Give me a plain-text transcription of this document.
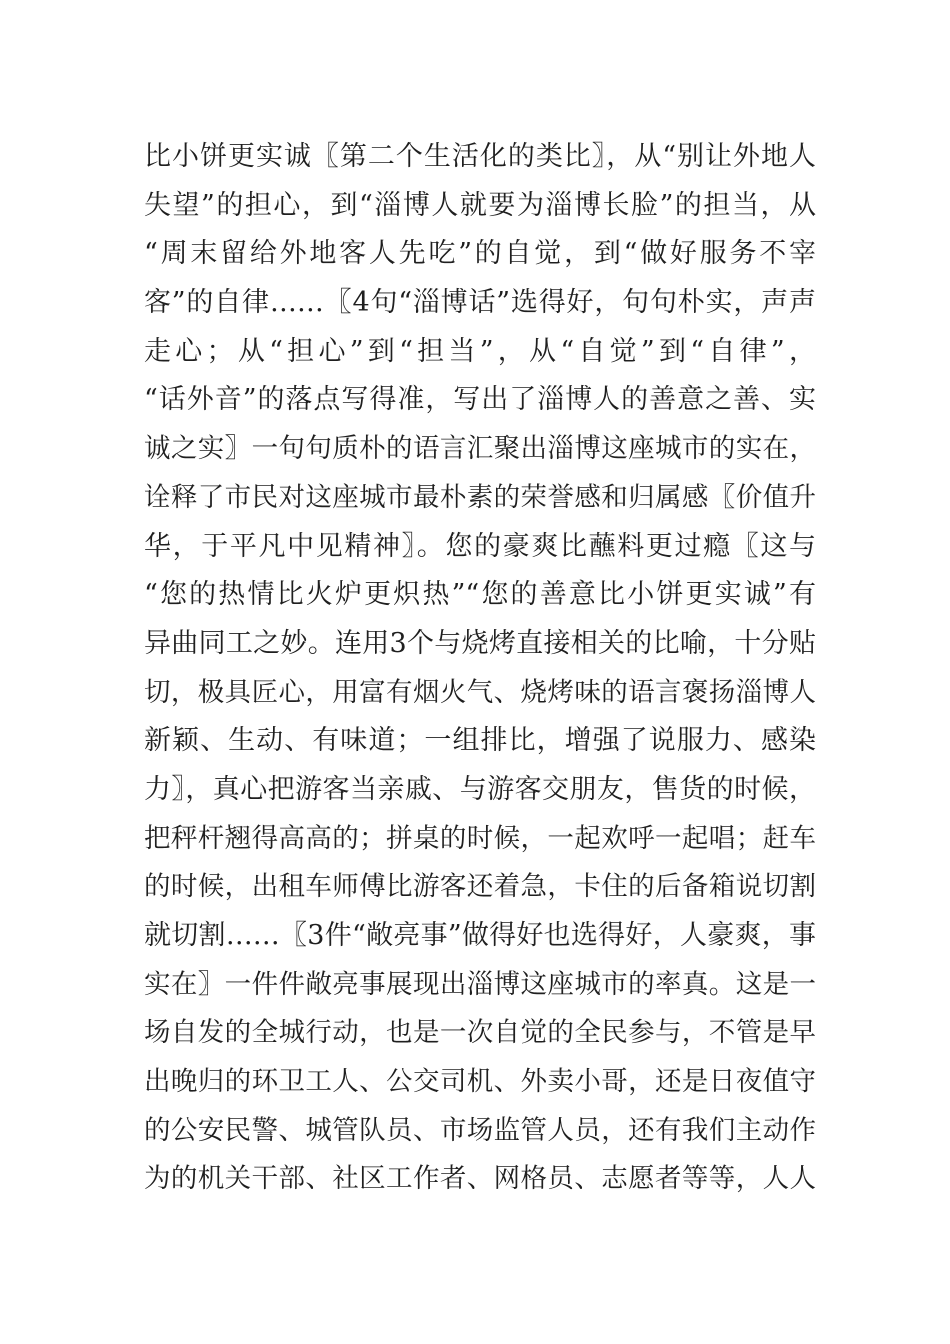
比小饼更实诚〖第二个生活化的类比〗，从“别让外地人
失望”的担心，到“淄博人就要为淄博长脸”的担当，从
“周末留给外地客人先吃”的自觉，到“做好服务不宰
客”的自律……〖4句“淄博话”选得好，句句朴实，声声
走心；从“担心”到“担当”，从“自觉”到“自律”，
“话外音”的落点写得准，写出了淄博人的善意之善、实
诚之实〗一句句质朴的语言汇聚出淄博这座城市的实在，
诠释了市民对这座城市最朴素的荣誉感和归属感〖价值升
华，于平凡中见精神〗。您的豪爽比蘸料更过瘾〖这与
“您的热情比火炉更炽热”“您的善意比小饼更实诚”有
异曲同工之妙。连用3个与烧烤直接相关的比喻，十分贴
切，极具匠心，用富有烟火气、烧烤味的语言褒扬淄博人
新颖、生动、有味道；一组排比，增强了说服力、感染
力〗，真心把游客当亲戚、与游客交朋友，售货的时候，
把秤杆翘得高高的；拼桌的时候，一起欢呼一起唱；赶车
的时候，出租车师傅比游客还着急，卡住的后备箱说切割
就切割……〖3件“敞亮事”做得好也选得好，人豪爽，事
实在〗一件件敞亮事展现出淄博这座城市的率真。这是一
场自发的全城行动，也是一次自觉的全民参与，不管是早
出晚归的环卫工人、公交司机、外卖小哥，还是日夜值守
的公安民警、城管队员、市场监管人员，还有我们主动作
为的机关干部、社区工作者、网格员、志愿者等等，人人
